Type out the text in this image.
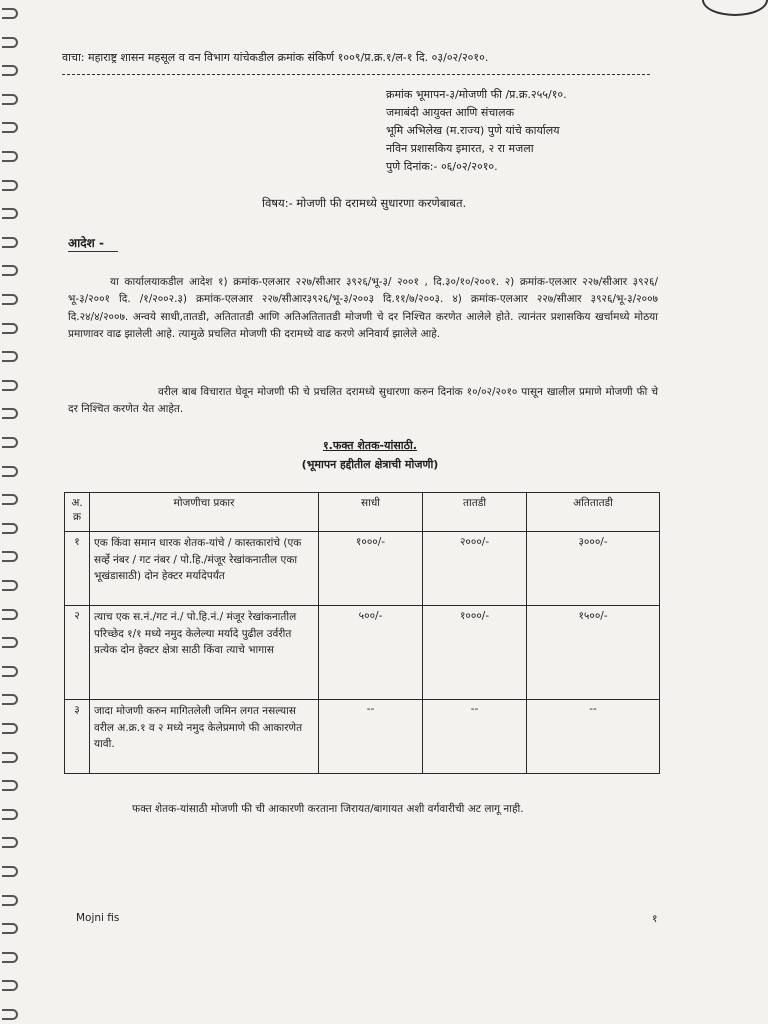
वाचा: महाराष्ट्र शासन महसूल व वन विभाग यांचेकडील क्रमांक संकिर्ण १००९/प्र.क्र.१/ल-१ दि. ०३/०२/२०१०.
क्रमांक भूमापन-३/मोजणी फी /प्र.क्र.२५५/१०.
जमाबंदी आयुक्त आणि संचालक
भूमि अभिलेख (म.राज्य) पुणे यांचे कार्यालय
नविन प्रशासकिय इमारत, २ रा मजला
पुणे दिनांक:- ०६/०२/२०१०.
विषय:- मोजणी फी दरामध्ये सुधारणा करणेबाबत.
आदेश -
या कार्यालयाकडील आदेश १) क्रमांक-एलआर २२७/सीआर ३९२६/भू-३/ २००१ , दि.३०/१०/२००१. २) क्रमांक-एलआर २२७/सीआर ३९२६/भू-३/२००१ दि. /१/२००२.३) क्रमांक-एलआर २२७/सीआर३९२६/भू-३/२००३ दि.११/७/२००३. ४) क्रमांक-एलआर २२७/सीआर ३९२६/भू-३/२००७ दि.२४/४/२००७. अन्वये साधी,तातडी, अतितातडी आणि अतिअतितातडी मोजणी चे दर निश्चित करणेत आलेले होते. त्यानंतर प्रशासकिय खर्चामध्ये मोठया प्रमाणावर वाढ झालेली आहे. त्यामुळे प्रचलित मोजणी फी दरामध्ये वाढ करणे अनिवार्य झालेले आहे.
वरील बाब विचारात घेवून मोजणी फी चे प्रचलित दरामध्ये सुधारणा करुन दिनांक १०/०२/२०१० पासून खालील प्रमाणे मोजणी फी चे दर निश्चित करणेत येत आहेत.
१.फक्त शेतक-यांसाठी.
(भूमापन हद्दीतील क्षेत्राची मोजणी)
अ. क्र	मोजणीचा प्रकार	साधी	तातडी	अतितातडी
१	एक किंवा समान धारक शेतक-यांचे / कास्तकारांचे (एक सर्व्हे नंबर / गट नंबर / पो.हि./मंजूर रेखांकनातील एका भूखंडासाठी) दोन हेक्टर मर्यादेपर्यंत	१०००/-	२०००/-	३०००/-
२	त्याच एक स.नं./गट नं./ पो.हि.नं./ मंजूर रेखांकनातील परिच्छेद १/१ मध्ये नमुद केलेल्या मर्यादे पुढील उर्वरीत प्रत्येक दोन हेक्टर क्षेत्रा साठी किंवा त्याचे भागास	५००/-	१०००/-	१५००/-
३	जादा मोजणी करुन मागितलेली जमिन लगत नसल्यास वरील अ.क्र.१ व २ मध्ये नमुद केलेप्रमाणे फी आकारणेत यावी.	--	--	--
फक्त शेतक-यांसाठी मोजणी फी ची आकारणी करताना जिरायत/बागायत अशी वर्गवारीची अट लागू नाही.
Mojni fis	१
